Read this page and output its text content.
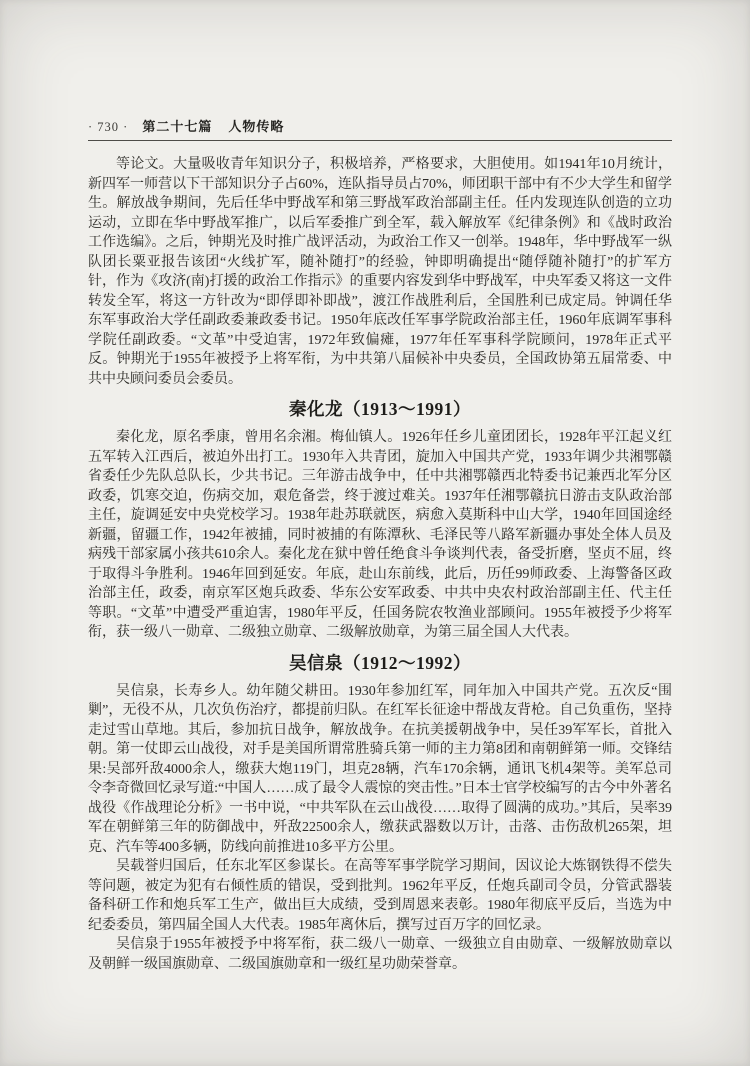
· 730 · 第二十七篇 人物传略

等论文。大量吸收青年知识分子，积极培养，严格要求，大胆使用。如1941年10月统计，新四军一师营以下干部知识分子占60%，连队指导员占70%，师团职干部中有不少大学生和留学生。解放战争期间，先后任华中野战军和第三野战军政治部副主任。任内发现连队创造的立功运动，立即在华中野战军推广，以后军委推广到全军，载入解放军《纪律条例》和《战时政治工作选编》。之后，钟期光及时推广战评活动，为政治工作又一创举。1948年，华中野战军一纵队团长粟亚报告该团“火线扩军，随补随打”的经验，钟即明确提出“随俘随补随打”的扩军方针，作为《攻济(南)打援的政治工作指示》的重要内容发到华中野战军，中央军委又将这一文件转发全军，将这一方针改为“即俘即补即战”，渡江作战胜利后，全国胜利已成定局。钟调任华东军事政治大学任副政委兼政委书记。1950年底改任军事学院政治部主任，1960年底调军事科学院任副政委。“文革”中受迫害，1972年致偏瘫，1977年任军事科学院顾问，1978年正式平反。钟期光于1955年被授予上将军衔，为中共第八届候补中央委员，全国政协第五届常委、中共中央顾问委员会委员。

秦化龙（1913～1991）

秦化龙，原名季康，曾用名余湘。梅仙镇人。1926年任乡儿童团团长，1928年平江起义红五军转入江西后，被迫外出打工。1930年入共青团，旋加入中国共产党，1933年调少共湘鄂赣省委任少先队总队长，少共书记。三年游击战争中，任中共湘鄂赣西北特委书记兼西北军分区政委，饥寒交迫，伤病交加，艰危备尝，终于渡过难关。1937年任湘鄂赣抗日游击支队政治部主任，旋调延安中央党校学习。1938年赴苏联就医，病愈入莫斯科中山大学，1940年回国途经新疆，留疆工作，1942年被捕，同时被捕的有陈潭秋、毛泽民等八路军新疆办事处全体人员及病残干部家属小孩共610余人。秦化龙在狱中曾任绝食斗争谈判代表，备受折磨，坚贞不屈，终于取得斗争胜利。1946年回到延安。年底，赴山东前线，此后，历任99师政委、上海警备区政治部主任，政委，南京军区炮兵政委、华东公安军政委、中共中央农村政治部副主任、代主任等职。“文革”中遭受严重迫害，1980年平反，任国务院农牧渔业部顾问。1955年被授予少将军衔，获一级八一勋章、二级独立勋章、二级解放勋章，为第三届全国人大代表。

吴信泉（1912～1992）

吴信泉，长寿乡人。幼年随父耕田。1930年参加红军，同年加入中国共产党。五次反“围剿”，无役不从，几次负伤治疗，都提前归队。在红军长征途中帮战友背枪。自己负重伤，坚持走过雪山草地。其后，参加抗日战争，解放战争。在抗美援朝战争中，吴任39军军长，首批入朝。第一仗即云山战役，对手是美国所谓常胜骑兵第一师的主力第8团和南朝鲜第一师。交锋结果:吴部歼敌4000余人，缴获大炮119门，坦克28辆，汽车170余辆，通讯飞机4架等。美军总司令李奇微回忆录写道:“中国人……成了最令人震惊的突击性。”日本士官学校编写的古今中外著名战役《作战理论分析》一书中说，“中共军队在云山战役……取得了圆满的成功。”其后，吴率39军在朝鲜第三年的防御战中，歼敌22500余人，缴获武器数以万计，击落、击伤敌机265架，坦克、汽车等400多辆，防线向前推进10多平方公里。

吴载誉归国后，任东北军区参谋长。在高等军事学院学习期间，因议论大炼钢铁得不偿失等问题，被定为犯有右倾性质的错误，受到批判。1962年平反，任炮兵副司令员，分管武器装备科研工作和炮兵军工生产，做出巨大成绩，受到周恩来表彰。1980年彻底平反后，当选为中纪委委员，第四届全国人大代表。1985年离休后，撰写过百万字的回忆录。

吴信泉于1955年被授予中将军衔，获二级八一勋章、一级独立自由勋章、一级解放勋章以及朝鲜一级国旗勋章、二级国旗勋章和一级红星功勋荣誉章。
